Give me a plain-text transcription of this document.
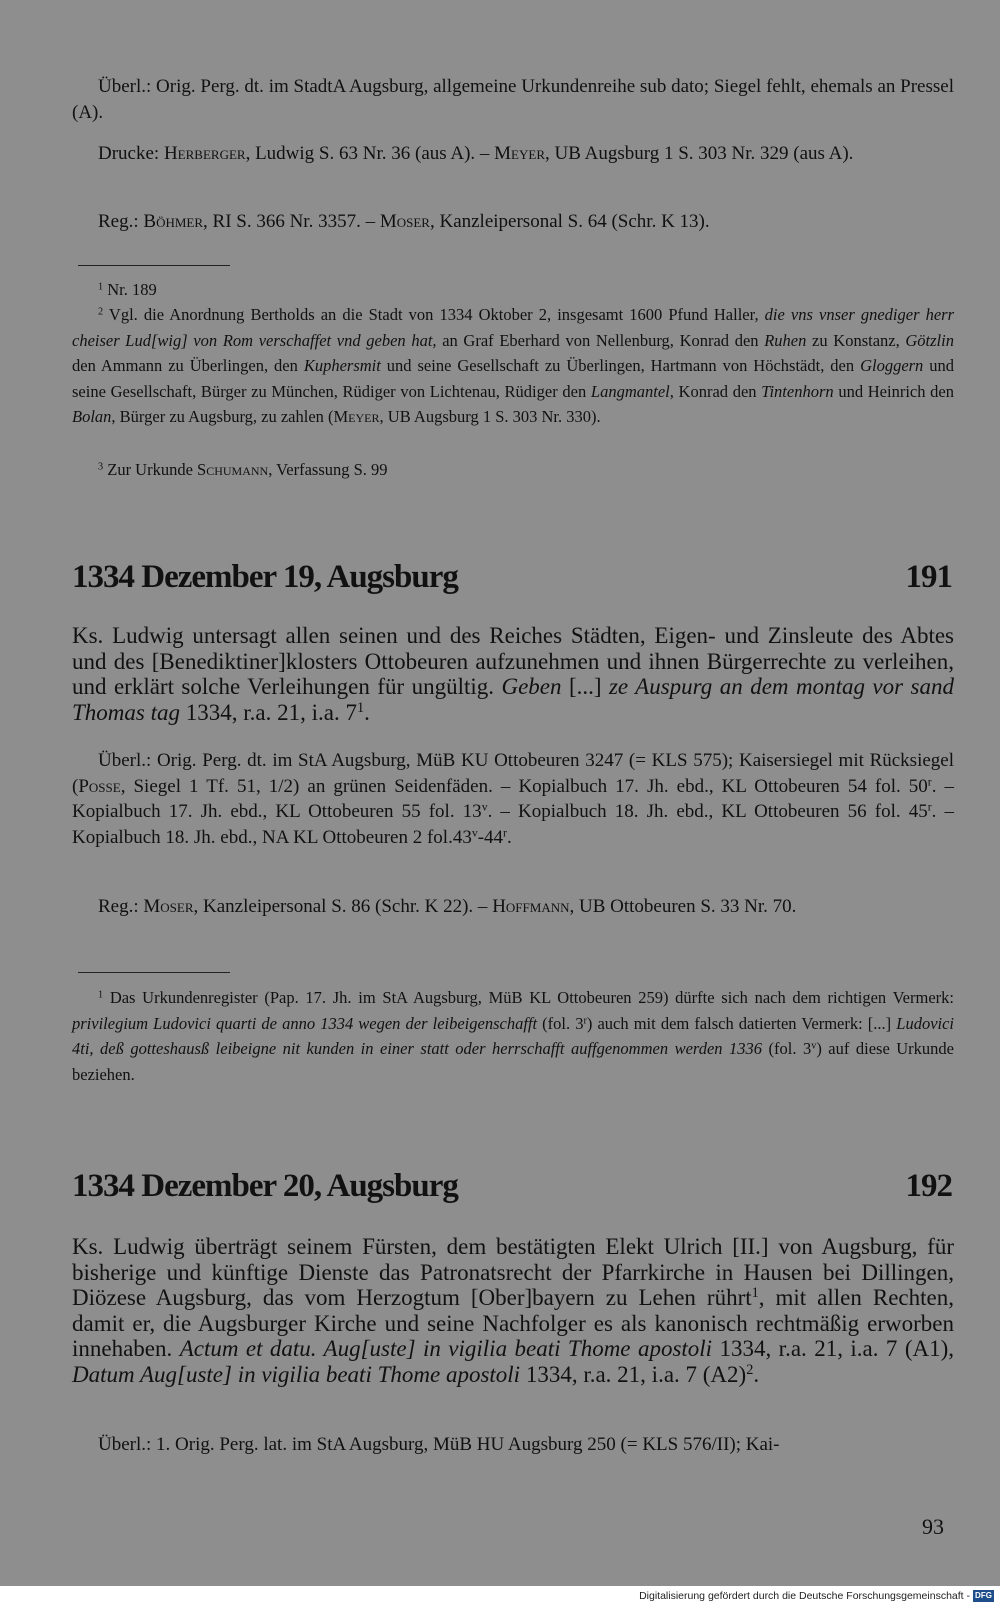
Überl.: Orig. Perg. dt. im StadtA Augsburg, allgemeine Urkundenreihe sub dato; Siegel fehlt, ehemals an Pressel (A).

Drucke: Herberger, Ludwig S. 63 Nr. 36 (aus A). – Meyer, UB Augsburg 1 S. 303 Nr. 329 (aus A).

Reg.: Böhmer, RI S. 366 Nr. 3357. – Moser, Kanzleipersonal S. 64 (Schr. K 13).

$^1$ Nr. 189

$^2$ Vgl. die Anordnung Bertholds an die Stadt von 1334 Oktober 2, insgesamt 1600 Pfund Haller, die vns vnser gnediger herr cheiser Lud[wig] von Rom verschaffet vnd geben hat, an Graf Eberhard von Nellenburg, Konrad den Ruhen zu Konstanz, Götzlin den Ammann zu Überlingen, den Kuphersmit und seine Gesellschaft zu Überlingen, Hartmann von Höchstädt, den Gloggern und seine Gesellschaft, Bürger zu München, Rüdiger von Lichtenau, Rüdiger den Langmantel, Konrad den Tintenhorn und Heinrich den Bolan, Bürger zu Augsburg, zu zahlen (Meyer, UB Augsburg 1 S. 303 Nr. 330).

$^3$ Zur Urkunde Schumann, Verfassung S. 99

1334 Dezember 19, Augsburg	191

Ks. Ludwig untersagt allen seinen und des Reiches Städten, Eigen- und Zinsleute des Abtes und des [Benediktiner]klosters Ottobeuren aufzunehmen und ihnen Bürgerrechte zu verleihen, und erklärt solche Verleihungen für ungültig. Geben [...] ze Auspurg an dem montag vor sand Thomas tag 1334, r.a. 21, i.a. $7^1$.

Überl.: Orig. Perg. dt. im StA Augsburg, MüB KU Ottobeuren 3247 (= KLS 575); Kaisersiegel mit Rücksiegel (Posse, Siegel 1 Tf. 51, 1/2) an grünen Seidenfäden. – Kopialbuch 17. Jh. ebd., KL Ottobeuren 54 fol. 50$^r$. – Kopialbuch 17. Jh. ebd., KL Ottobeuren 55 fol. 13$^v$. – Kopialbuch 18. Jh. ebd., KL Ottobeuren 56 fol. 45$^r$. – Kopialbuch 18. Jh. ebd., NA KL Ottobeuren 2 fol.43$^v$-44$^r$.

Reg.: Moser, Kanzleipersonal S. 86 (Schr. K 22). – Hoffmann, UB Ottobeuren S. 33 Nr. 70.

$^1$ Das Urkundenregister (Pap. 17. Jh. im StA Augsburg, MüB KL Ottobeuren 259) dürfte sich nach dem richtigen Vermerk: privilegium Ludovici quarti de anno 1334 wegen der leibeigenschafft (fol. 3$^r$) auch mit dem falsch datierten Vermerk: [...] Ludovici 4ti, deß gotteshausß leibeigne nit kunden in einer statt oder herrschafft auffgenommen werden 1336 (fol. 3$^v$) auf diese Urkunde beziehen.

1334 Dezember 20, Augsburg	192

Ks. Ludwig überträgt seinem Fürsten, dem bestätigten Elekt Ulrich [II.] von Augsburg, für bisherige und künftige Dienste das Patronatsrecht der Pfarrkirche in Hausen bei Dillingen, Diözese Augsburg, das vom Herzogtum [Ober]bayern zu Lehen rührt$^1$, mit allen Rechten, damit er, die Augsburger Kirche und seine Nachfolger es als kanonisch rechtmäßig erworben innehaben. Actum et datu. Aug[uste] in vigilia beati Thome apostoli 1334, r.a. 21, i.a. 7 (A1), Datum Aug[uste] in vigilia beati Thome apostoli 1334, r.a. 21, i.a. 7 $(A2)^2$.

Überl.: 1. Orig. Perg. lat. im StA Augsburg, MüB HU Augsburg 250 (= KLS 576/II); Kai-

93
Digitalisierung gefördert durch die Deutsche Forschungsgemeinschaft - DFG
